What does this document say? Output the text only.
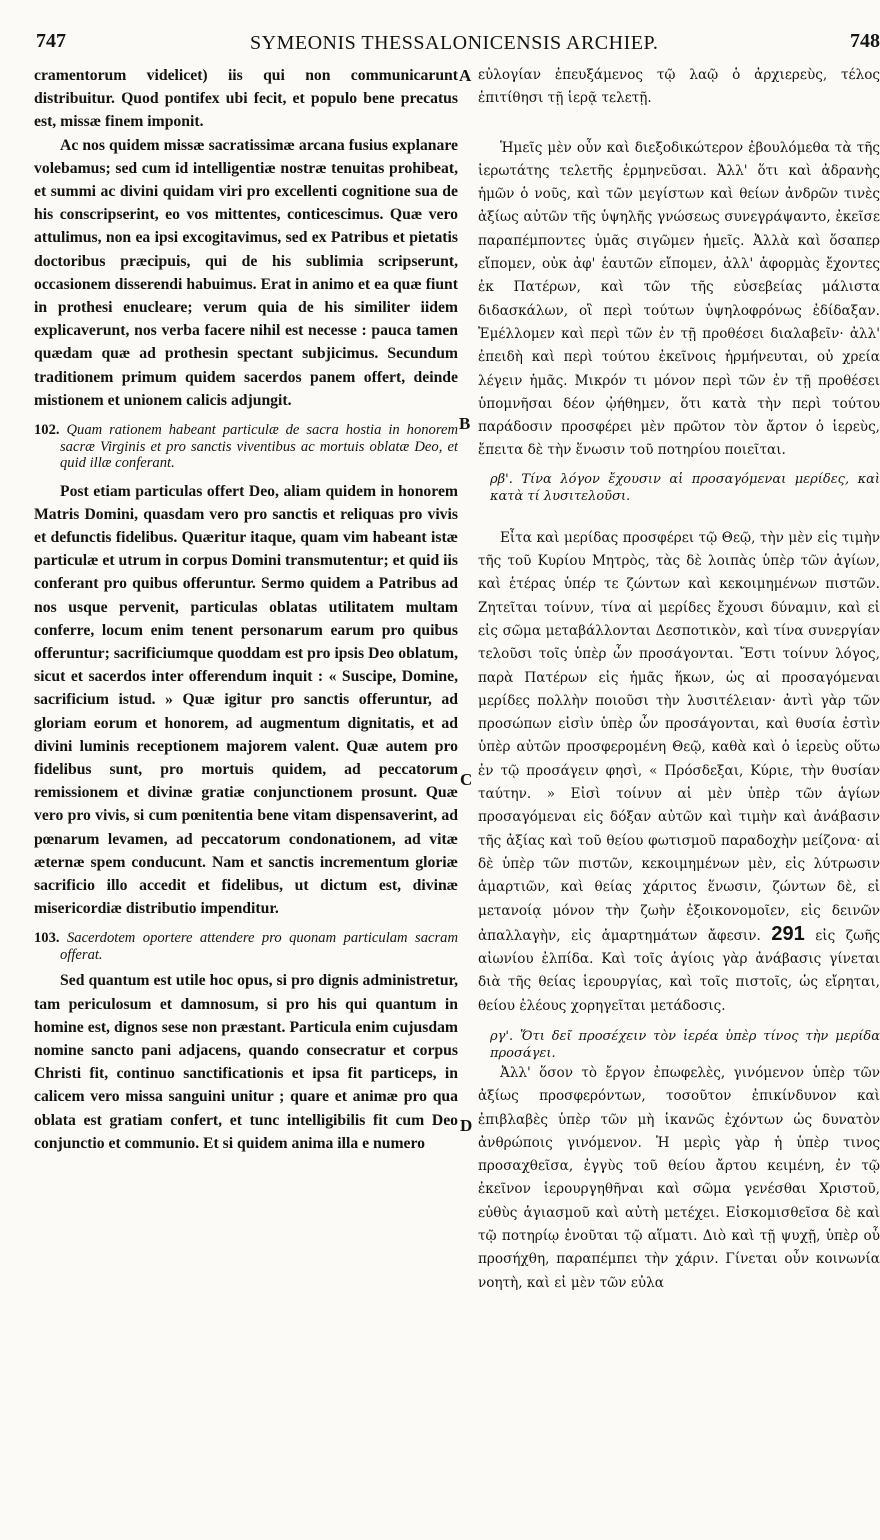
747	SYMEONIS THESSALONICENSIS ARCHIEP.	748
A
B
C
D

cramentorum videlicet) iis qui non communicarunt distribuitur. Quod pontifex ubi fecit, et populo bene precatus est, missæ finem imponit.

Ac nos quidem missæ sacratissimæ arcana fusius explanare volebamus; sed cum id intelligentiæ nostræ tenuitas prohibeat, et summi ac divini quidam viri pro excellenti cognitione sua de his conscripserint, eo vos mittentes, conticescimus. Quæ vero attulimus, non ea ipsi excogitavimus, sed ex Patribus et pietatis doctoribus præcipuis, qui de his sublimia scripserunt, occasionem disserendi habuimus. Erat in animo et ea quæ fiunt in prothesi enucleare; verum quia de his similiter iidem explicaverunt, nos verba facere nihil est necesse : pauca tamen quædam quæ ad prothesin spectant subjicimus. Secundum traditionem primum quidem sacerdos panem offert, deinde mistionem et unionem calicis adjungit.

102. Quam rationem habeant particulæ de sacra hostia in honorem sacræ Virginis et pro sanctis viventibus ac mortuis oblatæ Deo, et quid illæ conferant.

Post etiam particulas offert Deo, aliam quidem in honorem Matris Domini, quasdam vero pro sanctis et reliquas pro vivis et defunctis fidelibus. Quæritur itaque, quam vim habeant istæ particulæ et utrum in corpus Domini transmutentur; et quid iis conferant pro quibus offeruntur. Sermo quidem a Patribus ad nos usque pervenit, particulas oblatas utilitatem multam conferre, locum enim tenent personarum earum pro quibus offeruntur; sacrificiumque quoddam est pro ipsis Deo oblatum, sicut et sacerdos inter offerendum inquit : « Suscipe, Domine, sacrificium istud. » Quæ igitur pro sanctis offeruntur, ad gloriam eorum et honorem, ad augmentum dignitatis, et ad divini luminis receptionem majorem valent. Quæ autem pro fidelibus sunt, pro mortuis quidem, ad peccatorum remissionem et divinæ gratiæ conjunctionem prosunt. Quæ vero pro vivis, si cum pœnitentia bene vitam dispensaverint, ad pœnarum levamen, ad peccatorum condonationem, ad vitæ æternæ spem conducunt. Nam et sanctis incrementum gloriæ sacrificio illo accedit et fidelibus, ut dictum est, divinæ misericordiæ distributio impenditur.

103. Sacerdotem oportere attendere pro quonam particulam sacram offerat.

Sed quantum est utile hoc opus, si pro dignis administretur, tam periculosum et damnosum, si pro his qui quantum in homine est, dignos sese non præstant. Particula enim cujusdam nomine sancto pani adjacens, quando consecratur et corpus Christi fit, continuo sanctificationis et ipsa fit particeps, in calicem vero missa sanguini unitur ; quare et animæ pro qua oblata est gratiam confert, et tunc intelligibilis fit cum Deo conjunctio et communio. Et si quidem anima illa e numero

εὐλογίαν ἐπευξάμενος τῷ λαῷ ὁ ἀρχιερεὺς, τέλος ἐπιτίθησι τῇ ἱερᾷ τελετῇ.

Ἡμεῖς μὲν οὖν καὶ διεξοδικώτερον ἐβουλόμεθα τὰ τῆς ἱερωτάτης τελετῆς ἑρμηνεῦσαι. Ἀλλ' ὅτι καὶ ἀδρανὴς ἡμῶν ὁ νοῦς, καὶ τῶν μεγίστων καὶ θείων ἀνδρῶν τινὲς ἀξίως αὐτῶν τῆς ὑψηλῆς γνώσεως συνεγράψαντο, ἐκεῖσε παραπέμποντες ὑμᾶς σιγῶμεν ἡμεῖς. Ἀλλὰ καὶ ὅσαπερ εἴπομεν, οὐκ ἀφ' ἑαυτῶν εἴπομεν, ἀλλ' ἀφορμὰς ἔχοντες ἐκ Πατέρων, καὶ τῶν τῆς εὐσεβείας μάλιστα διδασκάλων, οἳ περὶ τούτων ὑψηλοφρόνως ἐδίδαξαν. Ἐμέλλομεν καὶ περὶ τῶν ἐν τῇ προθέσει διαλαβεῖν· ἀλλ' ἐπειδὴ καὶ περὶ τούτου ἐκεῖνοις ἡρμήνευται, οὐ χρεία λέγειν ἡμᾶς. Μικρόν τι μόνον περὶ τῶν ἐν τῇ προθέσει ὑπομνῆσαι δέον ᾠήθημεν, ὅτι κατὰ τὴν περὶ τούτου παράδοσιν προσφέρει μὲν πρῶτον τὸν ἄρτον ὁ ἱερεὺς, ἔπειτα δὲ τὴν ἕνωσιν τοῦ ποτηρίου ποιεῖται.

ρβ'. Τίνα λόγον ἔχουσιν αἱ προσαγόμεναι μερίδες, καὶ κατὰ τί λυσιτελοῦσι.

Εἶτα καὶ μερίδας προσφέρει τῷ Θεῷ, τὴν μὲν εἰς τιμὴν τῆς τοῦ Κυρίου Μητρὸς, τὰς δὲ λοιπὰς ὑπὲρ τῶν ἁγίων, καὶ ἑτέρας ὑπέρ τε ζώντων καὶ κεκοιμημένων πιστῶν. Ζητεῖται τοίνυν, τίνα αἱ μερίδες ἔχουσι δύναμιν, καὶ εἰ εἰς σῶμα μεταβάλλονται Δεσποτικὸν, καὶ τίνα συνεργίαν τελοῦσι τοῖς ὑπὲρ ὧν προσάγονται. Ἔστι τοίνυν λόγος, παρὰ Πατέρων εἰς ἡμᾶς ἥκων, ὡς αἱ προσαγόμεναι μερίδες πολλὴν ποιοῦσι τὴν λυσιτέλειαν· ἀντὶ γὰρ τῶν προσώπων εἰσὶν ὑπὲρ ὧν προσάγονται, καὶ θυσία ἐστὶν ὑπὲρ αὐτῶν προσφερομένη Θεῷ, καθὰ καὶ ὁ ἱερεὺς οὕτω ἐν τῷ προσάγειν φησὶ, « Πρόσδεξαι, Κύριε, τὴν θυσίαν ταύτην. » Εἰσὶ τοίνυν αἱ μὲν ὑπὲρ τῶν ἁγίων προσαγόμεναι εἰς δόξαν αὐτῶν καὶ τιμὴν καὶ ἀνάβασιν τῆς ἀξίας καὶ τοῦ θείου φωτισμοῦ παραδοχὴν μείζονα· αἱ δὲ ὑπὲρ τῶν πιστῶν, κεκοιμημένων μὲν, εἰς λύτρωσιν ἁμαρτιῶν, καὶ θείας χάριτος ἕνωσιν, ζώντων δὲ, εἰ μετανοίᾳ μόνον τὴν ζωὴν ἐξοικονομοῖεν, εἰς δεινῶν ἀπαλλαγὴν, εἰς ἁμαρτημάτων ἄφεσιν. 291 εἰς ζωῆς αἰωνίου ἐλπίδα. Καὶ τοῖς ἁγίοις γὰρ ἀνάβασις γίνεται διὰ τῆς θείας ἱερουργίας, καὶ τοῖς πιστοῖς, ὡς εἴρηται, θείου ἐλέους χορηγεῖται μετάδοσις.

ργ'. Ὅτι δεῖ προσέχειν τὸν ἱερέα ὑπὲρ τίνος τὴν μερίδα προσάγει.

Ἀλλ' ὅσον τὸ ἔργον ἐπωφελὲς, γινόμενον ὑπὲρ τῶν ἀξίως προσφερόντων, τοσοῦτον ἐπικίνδυνον καὶ ἐπιβλαβὲς ὑπὲρ τῶν μὴ ἱκανῶς ἐχόντων ὡς δυνατὸν ἀνθρώποις γινόμενον. Ἡ μερὶς γὰρ ἡ ὑπὲρ τινος προσαχθεῖσα, ἐγγὺς τοῦ θείου ἄρτου κειμένη, ἐν τῷ ἐκεῖνον ἱερουργηθῆναι καὶ σῶμα γενέσθαι Χριστοῦ, εὐθὺς ἁγιασμοῦ καὶ αὐτὴ μετέχει. Εἰσκομισθεῖσα δὲ καὶ τῷ ποτηρίῳ ἑνοῦται τῷ αἵματι. Διὸ καὶ τῇ ψυχῇ, ὑπὲρ οὗ προσήχθη, παραπέμπει τὴν χάριν. Γίνεται οὖν κοινωνία νοητὴ, καὶ εἰ μὲν τῶν εὐλα
